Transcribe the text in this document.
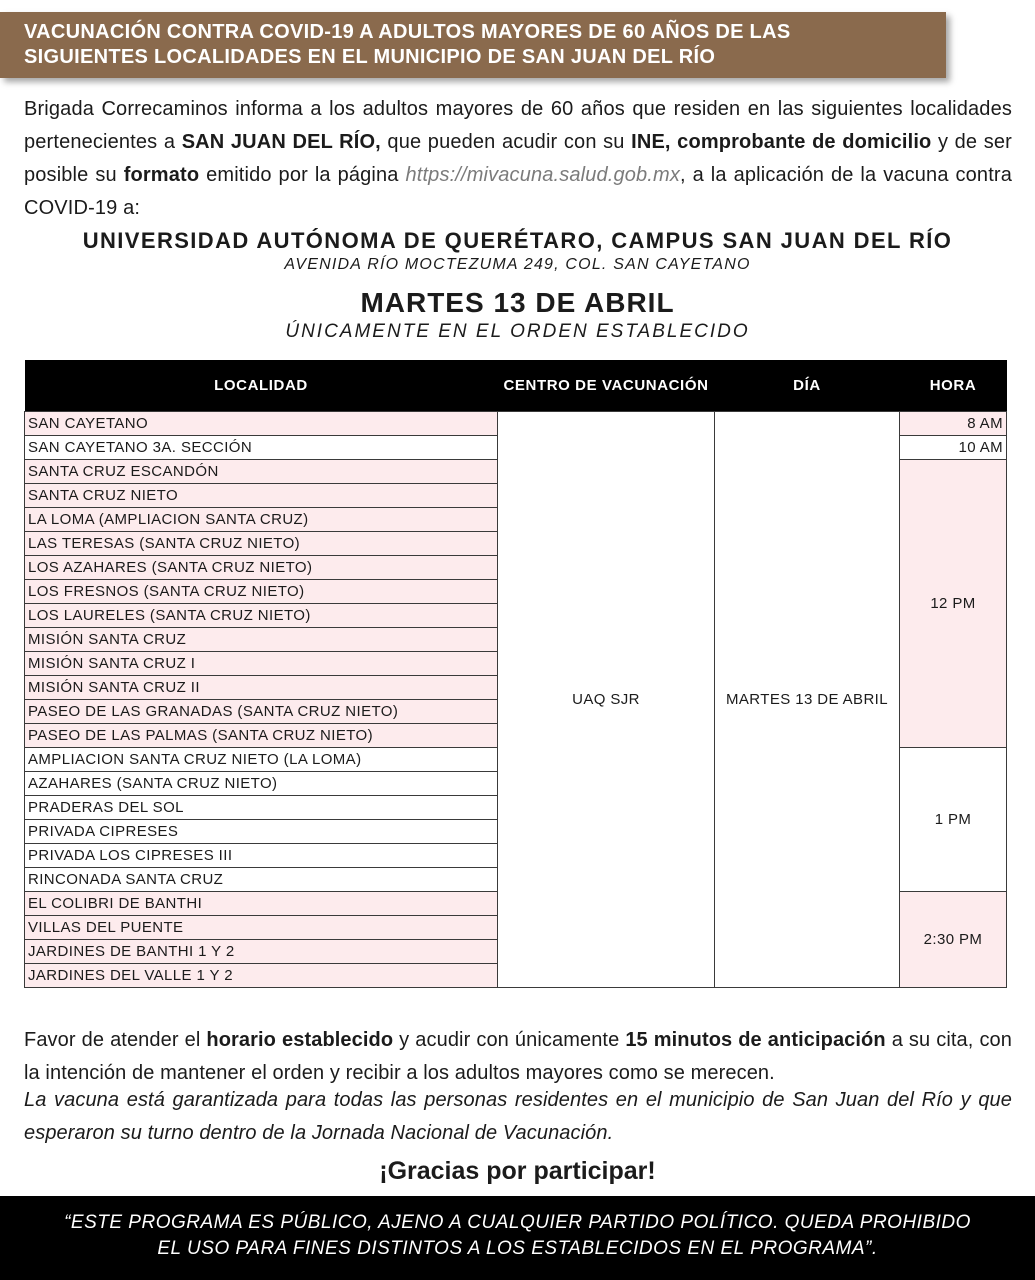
VACUNACIÓN CONTRA COVID-19 A ADULTOS MAYORES DE 60 AÑOS DE LAS
SIGUIENTES LOCALIDADES EN EL MUNICIPIO DE SAN JUAN DEL RÍO
Brigada Correcaminos informa a los adultos mayores de 60 años que residen en las siguientes localidades pertenecientes a SAN JUAN DEL RÍO, que pueden acudir con su INE, comprobante de domicilio y de ser posible su formato emitido por la página https://mivacuna.salud.gob.mx, a la aplicación de la vacuna contra COVID-19 a:
UNIVERSIDAD AUTÓNOMA DE QUERÉTARO, CAMPUS SAN JUAN DEL RÍO
AVENIDA RÍO MOCTEZUMA 249, COL. SAN CAYETANO
MARTES 13 DE ABRIL
ÚNICAMENTE EN EL ORDEN ESTABLECIDO
LOCALIDAD	CENTRO DE VACUNACIÓN	DÍA	HORA
SAN CAYETANO	UAQ SJR	MARTES 13 DE ABRIL	8 AM
SAN CAYETANO 3A. SECCIÓN			10 AM
SANTA CRUZ ESCANDÓN			12 PM
SANTA CRUZ NIETO			
LA LOMA (AMPLIACION SANTA CRUZ)			
LAS TERESAS (SANTA CRUZ NIETO)			
LOS AZAHARES (SANTA CRUZ NIETO)			
LOS FRESNOS (SANTA CRUZ NIETO)			
LOS LAURELES (SANTA CRUZ NIETO)			
MISIÓN SANTA CRUZ			
MISIÓN SANTA CRUZ I			
MISIÓN SANTA CRUZ II			
PASEO DE LAS GRANADAS (SANTA CRUZ NIETO)			
PASEO DE LAS PALMAS (SANTA CRUZ NIETO)			
AMPLIACION SANTA CRUZ NIETO (LA LOMA)			1 PM
AZAHARES (SANTA CRUZ NIETO)			
PRADERAS DEL SOL			
PRIVADA CIPRESES			
PRIVADA LOS CIPRESES III			
RINCONADA SANTA CRUZ			
EL COLIBRI DE BANTHI			2:30 PM
VILLAS DEL PUENTE			
JARDINES DE BANTHI 1 Y 2			
JARDINES DEL VALLE 1 Y 2			
Favor de atender el horario establecido y acudir con únicamente 15 minutos de anticipación a su cita, con la intención de mantener el orden y recibir a los adultos mayores como se merecen.
La vacuna está garantizada para todas las personas residentes en el municipio de San Juan del Río y que esperaron su turno dentro de la Jornada Nacional de Vacunación.
¡Gracias por participar!
“ESTE PROGRAMA ES PÚBLICO, AJENO A CUALQUIER PARTIDO POLÍTICO. QUEDA PROHIBIDO
EL USO PARA FINES DISTINTOS A LOS ESTABLECIDOS EN EL PROGRAMA”.
